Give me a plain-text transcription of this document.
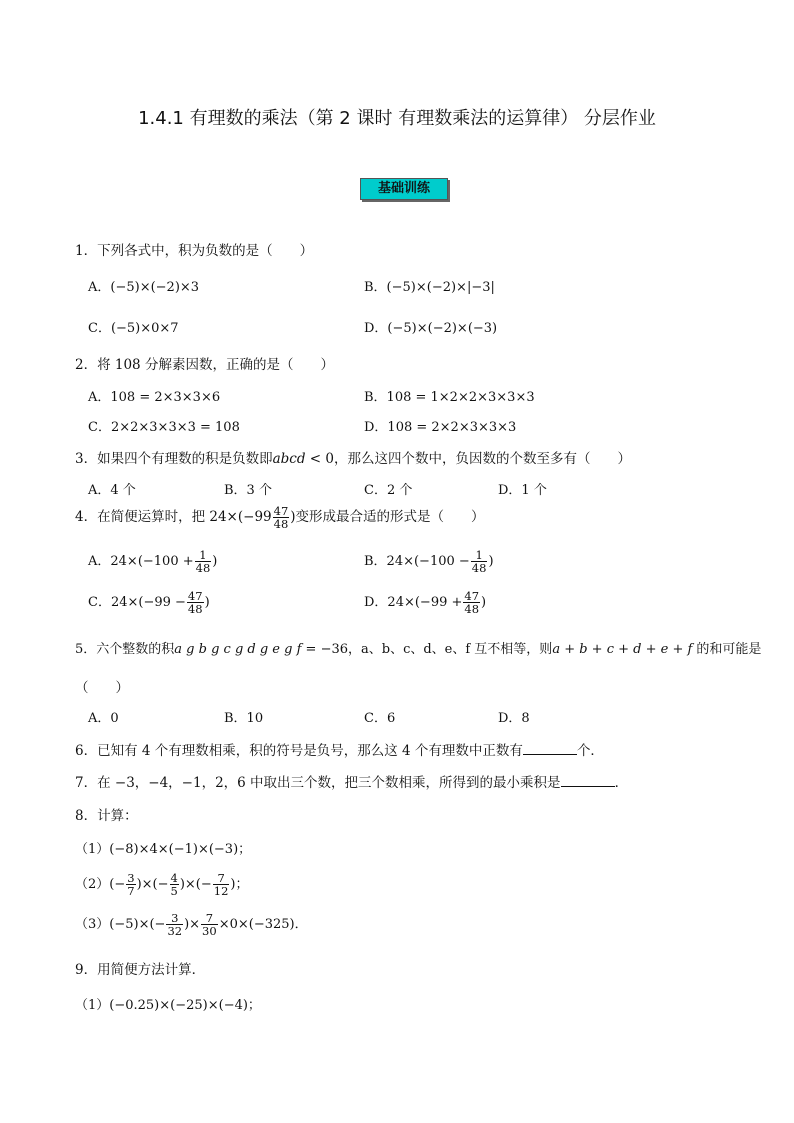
1.4.1 有理数的乘法（第 2 课时 有理数乘法的运算律） 分层作业
基础训练
1．下列各式中，积为负数的是（　　）
A．(−5)×(−2)×3	B．(−5)×(−2)×|−3|
C．(−5)×0×7	D．(−5)×(−2)×(−3)
2．将 108 分解素因数，正确的是（　　）
A．108 = 2×3×3×6	B．108 = 1×2×2×3×3×3
C．2×2×3×3×3 = 108	D．108 = 2×2×3×3×3
3．如果四个有理数的积是负数即abcd < 0，那么这四个数中，负因数的个数至多有（　　）
A．4 个	B．3 个	C．2 个	D．1 个
4．在简便运算时，把 $24\times(-99 \frac{47}{48}$ )变形成最合适的形式是（　　）
A．$24\times(-100 + \frac{1}{48}$ )	B．$24\times(-100 - \frac{1}{48}$ )
C．$24\times(-99 - \frac{47}{48}$ )	D．$24\times(-99 + \frac{47}{48}$ )
5．六个整数的积a g b g c g d g e g f = −36，a、b、c、d、e、f 互不相等，则a + b + c + d + e + f 的和可能是
（　　）
A．0	B．10	C．6	D．8
6．已知有 4 个有理数相乘，积的符号是负号，那么这 4 个有理数中正数有	个．
7．在 −3，−4，−1，2，6 中取出三个数，把三个数相乘，所得到的最小乘积是	．
8．计算：
（1）(−8)×4×(−1)×(−3)；
$(2)(- \frac{3}{7}$ )×(− $\frac{4}{5}$ )×(− $\frac{7}{12}$ )；
$(3)(-5)\times(- \frac{3}{32}$ )× $\frac{7}{30} \times 0\times(-325)$．
9．用简便方法计算．
（1）(−0.25)×(−25)×(−4)；
